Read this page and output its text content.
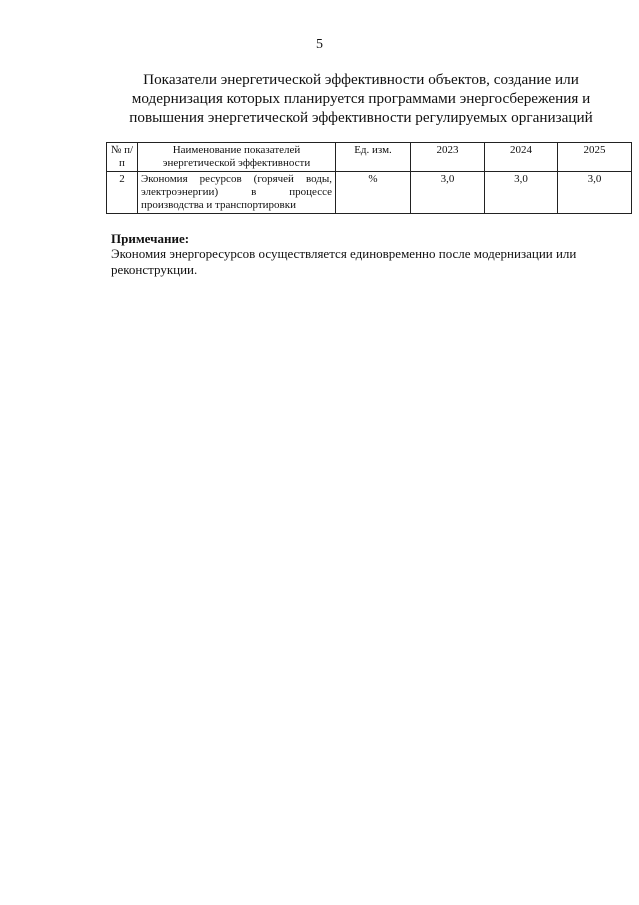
5
Показатели энергетической эффективности объектов, создание или
модернизация которых планируется программами энергосбережения и
повышения энергетической эффективности регулируемых организаций
№ п/п	Наименование показателей энергетической эффективности	Ед. изм.	2023	2024	2025
2	Экономия ресурсов (горячей воды, электроэнергии) в процессе производства и транспортировки	%	3,0	3,0	3,0
Примечание:
Экономия энергоресурсов осуществляется единовременно после модернизации или реконструкции.
